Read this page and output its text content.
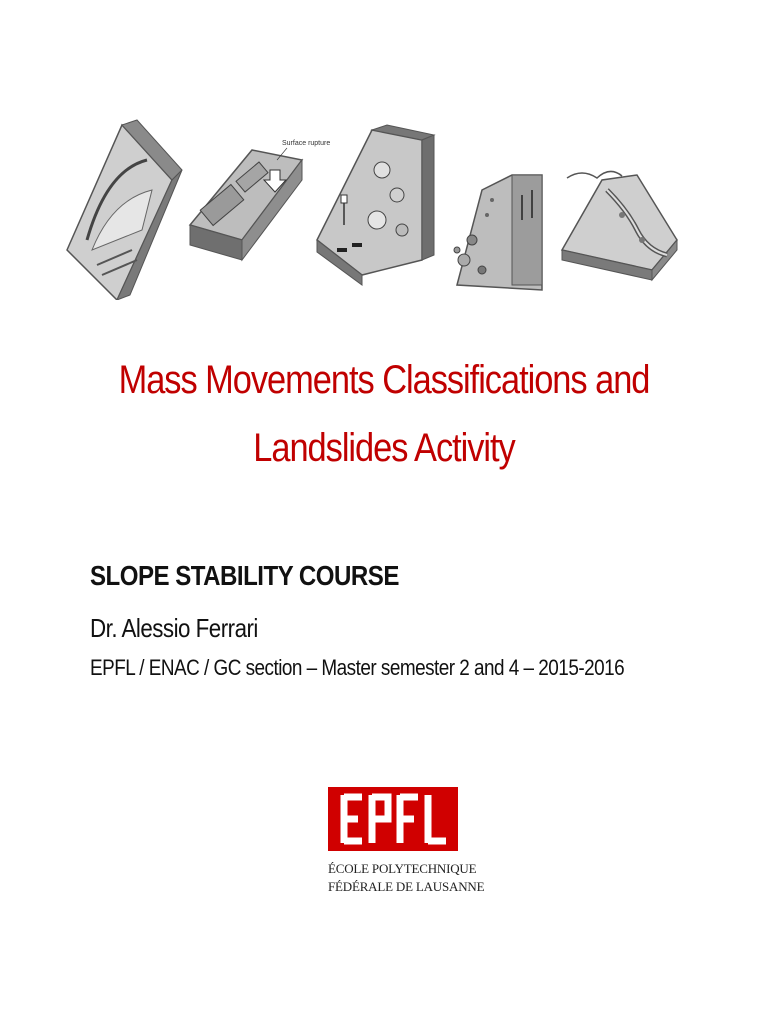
Surface rupture
Mass Movements Classifications and
Landslides Activity
SLOPE STABILITY COURSE
Dr. Alessio Ferrari
EPFL / ENAC / GC section – Master semester 2 and 4 – 2015-2016
ÉCOLE POLYTECHNIQUE
FÉDÉRALE DE LAUSANNE
